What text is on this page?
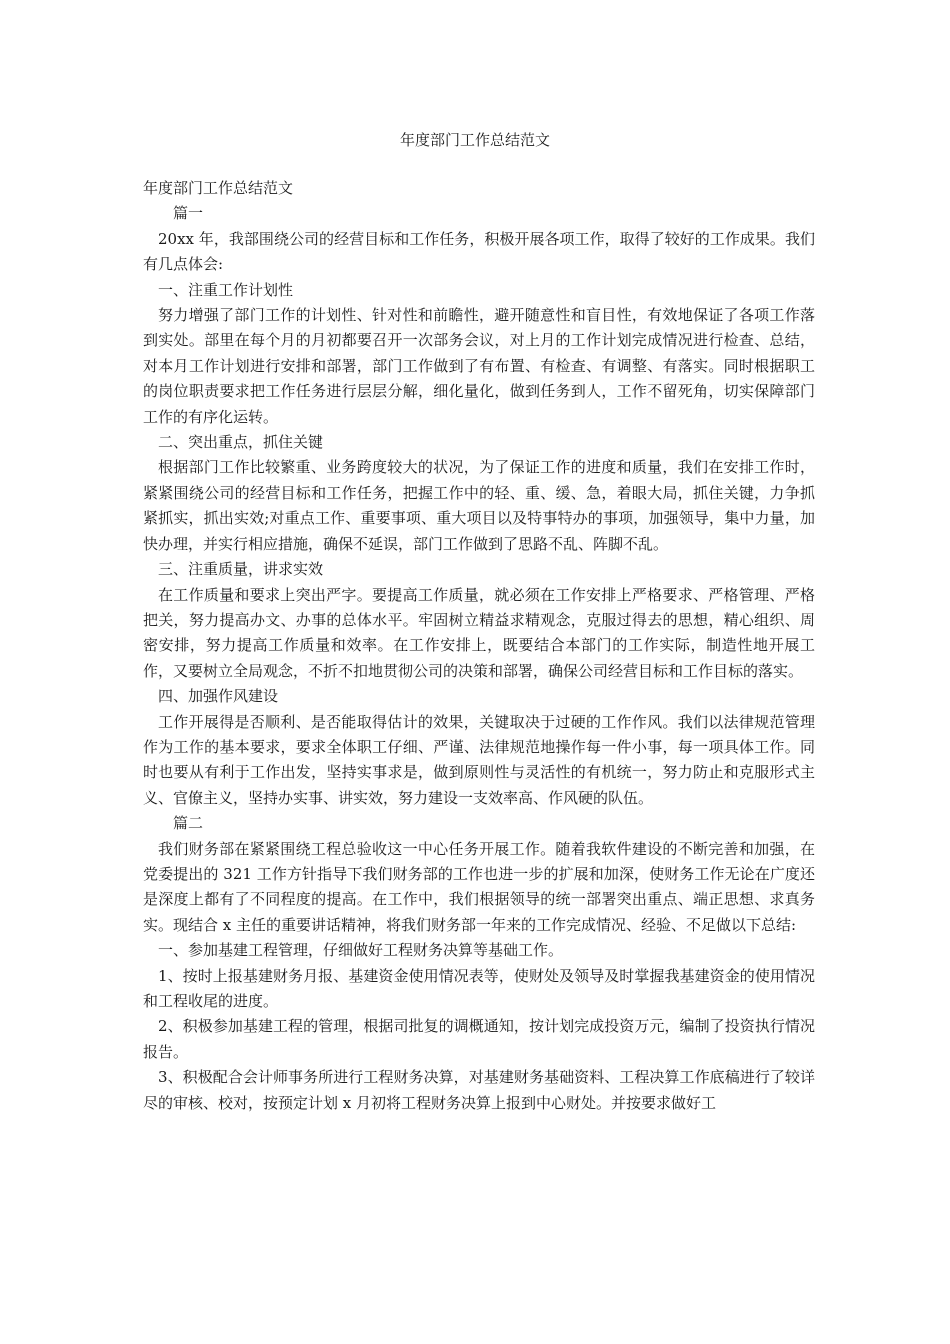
年度部门工作总结范文

年度部门工作总结范文

篇一

20xx 年，我部围绕公司的经营目标和工作任务，积极开展各项工作，取得了较好的工作成果。我们有几点体会:

一、注重工作计划性

努力增强了部门工作的计划性、针对性和前瞻性，避开随意性和盲目性，有效地保证了各项工作落到实处。部里在每个月的月初都要召开一次部务会议，对上月的工作计划完成情况进行检查、总结，对本月工作计划进行安排和部署，部门工作做到了有布置、有检查、有调整、有落实。同时根据职工的岗位职责要求把工作任务进行层层分解，细化量化，做到任务到人，工作不留死角，切实保障部门工作的有序化运转。

二、突出重点，抓住关键

根据部门工作比较繁重、业务跨度较大的状况，为了保证工作的进度和质量，我们在安排工作时，紧紧围绕公司的经营目标和工作任务，把握工作中的轻、重、缓、急，着眼大局，抓住关键，力争抓紧抓实，抓出实效;对重点工作、重要事项、重大项目以及特事特办的事项，加强领导，集中力量，加快办理，并实行相应措施，确保不延误，部门工作做到了思路不乱、阵脚不乱。

三、注重质量，讲求实效

在工作质量和要求上突出严字。要提高工作质量，就必须在工作安排上严格要求、严格管理、严格把关，努力提高办文、办事的总体水平。牢固树立精益求精观念，克服过得去的思想，精心组织、周密安排，努力提高工作质量和效率。在工作安排上，既要结合本部门的工作实际，制造性地开展工作，又要树立全局观念，不折不扣地贯彻公司的决策和部署，确保公司经营目标和工作目标的落实。

四、加强作风建设

工作开展得是否顺利、是否能取得估计的效果，关键取决于过硬的工作作风。我们以法律规范管理作为工作的基本要求，要求全体职工仔细、严谨、法律规范地操作每一件小事，每一项具体工作。同时也要从有利于工作出发，坚持实事求是，做到原则性与灵活性的有机统一，努力防止和克服形式主义、官僚主义，坚持办实事、讲实效，努力建设一支效率高、作风硬的队伍。

篇二

我们财务部在紧紧围绕工程总验收这一中心任务开展工作。随着我软件建设的不断完善和加强，在党委提出的 321 工作方针指导下我们财务部的工作也进一步的扩展和加深，使财务工作无论在广度还是深度上都有了不同程度的提高。在工作中，我们根据领导的统一部署突出重点、端正思想、求真务实。现结合 x 主任的重要讲话精神，将我们财务部一年来的工作完成情况、经验、不足做以下总结:

一、参加基建工程管理，仔细做好工程财务决算等基础工作。

1、按时上报基建财务月报、基建资金使用情况表等，使财处及领导及时掌握我基建资金的使用情况和工程收尾的进度。

2、积极参加基建工程的管理，根据司批复的调概通知，按计划完成投资万元，编制了投资执行情况报告。

3、积极配合会计师事务所进行工程财务决算，对基建财务基础资料、工程决算工作底稿进行了较详尽的审核、校对，按预定计划 x 月初将工程财务决算上报到中心财处。并按要求做好工
